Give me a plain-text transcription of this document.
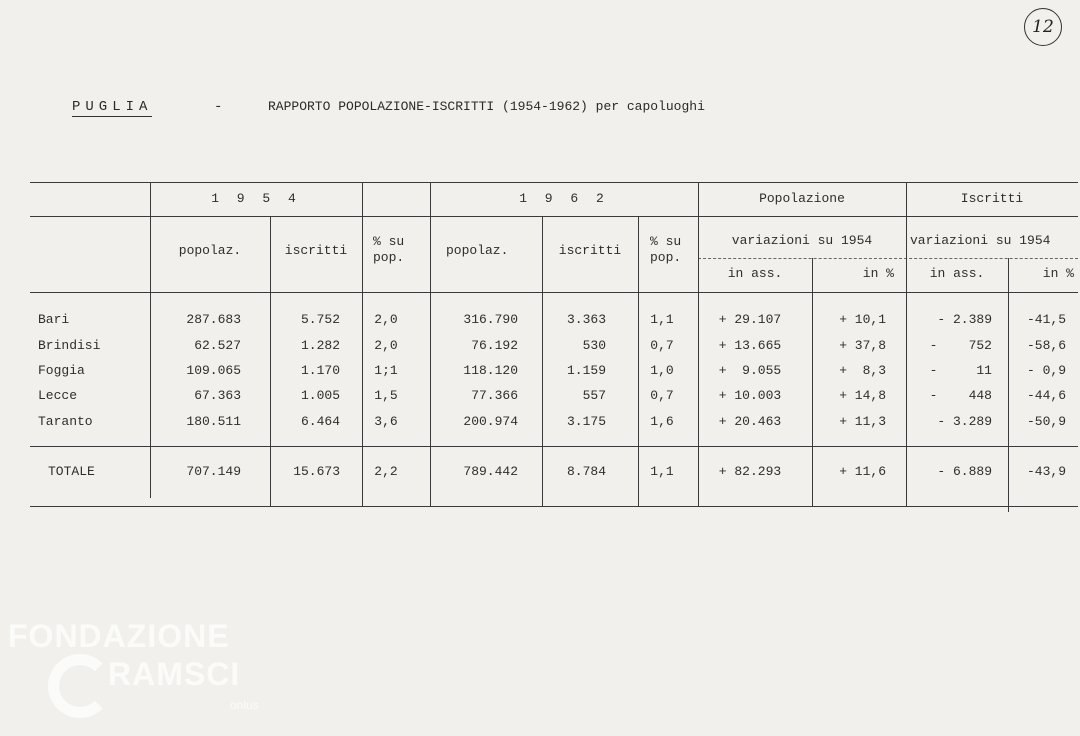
12
PUGLIA	-	RAPPORTO POPOLAZIONE-ISCRITTI (1954-1962) per capoluoghi
1 9 5 4	1 9 6 2	Popolazione	Iscritti
popolaz.	iscritti
% su
pop.	popolaz.	iscritti
% su
pop.
variazioni su 1954	variazioni su 1954
in ass.	in %	in ass.	in %
Bari	287.683	5.752	2,0	316.790	3.363	1,1	+ 29.107	+ 10,1	- 2.389	-41,5
Brindisi	62.527	1.282	2,0	76.192	530	0,7	+ 13.665	+ 37,8	-    752	-58,6
Foggia	109.065	1.170	1;1	118.120	1.159	1,0	+  9.055	+  8,3	-     11	- 0,9
Lecce	67.363	1.005	1,5	77.366	557	0,7	+ 10.003	+ 14,8	-    448	-44,6
Taranto	180.511	6.464	3,6	200.974	3.175	1,6	+ 20.463	+ 11,3	- 3.289	-50,9
TOTALE	707.149	15.673	2,2	789.442	8.784	1,1	+ 82.293	+ 11,6	- 6.889	-43,9
FONDAZIONE
RAMSCI
onlus
